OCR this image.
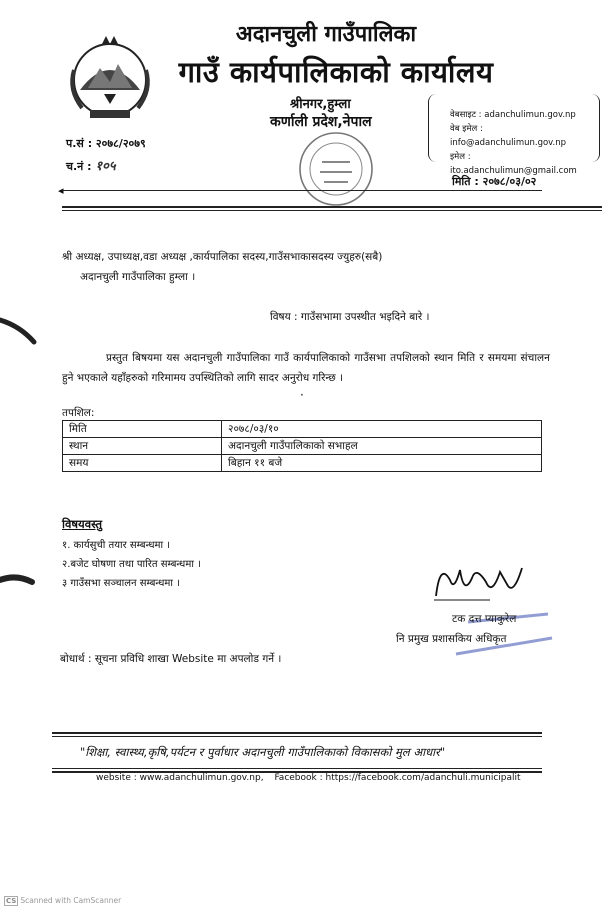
अदानचुली गाउँपालिका
गाउँ कार्यपालिकाको कार्यालय
श्रीनगर,हुम्ला
कर्णाली प्रदेश,नेपाल
प.सं : २०७८/२०७९
च.नं : १०५
वेबसाइट : adanchulimun.gov.np
वेब इमेल : info@adanchulimun.gov.np
इमेल : ito.adanchulimun@gmail.com
मिति : २०७८/०३/०२
◂
श्री अध्यक्ष, उपाध्यक्ष,वडा अध्यक्ष ,कार्यपालिका सदस्य,गाउँसभाकासदस्य ज्युहरु(सबै)
अदानचुली गाउँपालिका हुम्ला ।
विषय : गाउँसभामा उपस्थीत भइदिने बारे ।
प्रस्तुत बिषयमा यस अदानचुली गाउँपालिका गाउँ कार्यपालिकाको गाउँसभा तपशिलको स्थान मिति र समयमा संचालन हुने भएकाले यहाँहरुको गरिमामय उपस्थितिको लागि सादर अनुरोध गरिन्छ ।
·
तपशिल:
मिति	२०७८/०३/१०
स्थान	अदानचुली गाउँपालिकाको सभाहल
समय	बिहान ११ बजे
विषयवस्तु
१. कार्यसुची तयार सम्बन्धमा ।
२.बजेट घोषणा तथा पारित सम्बन्धमा ।
३ गाउँसभा सञ्चालन सम्बन्धमा ।
टक दत्त प्याकुरेल
नि प्रमुख प्रशासकिय अधिकृत
बोधार्थ : सूचना प्रविधि शाखा Website मा अपलोड गर्ने ।
"शिक्षा, स्वास्थ्य,कृषि,पर्यटन र पुर्वाधार अदानचुली गाउँपालिकाको विकासको मुल आधार"
website : www.adanchulimun.gov.np, Facebook : https://facebook.com/adanchuli.municipalit
CS Scanned with CamScanner
